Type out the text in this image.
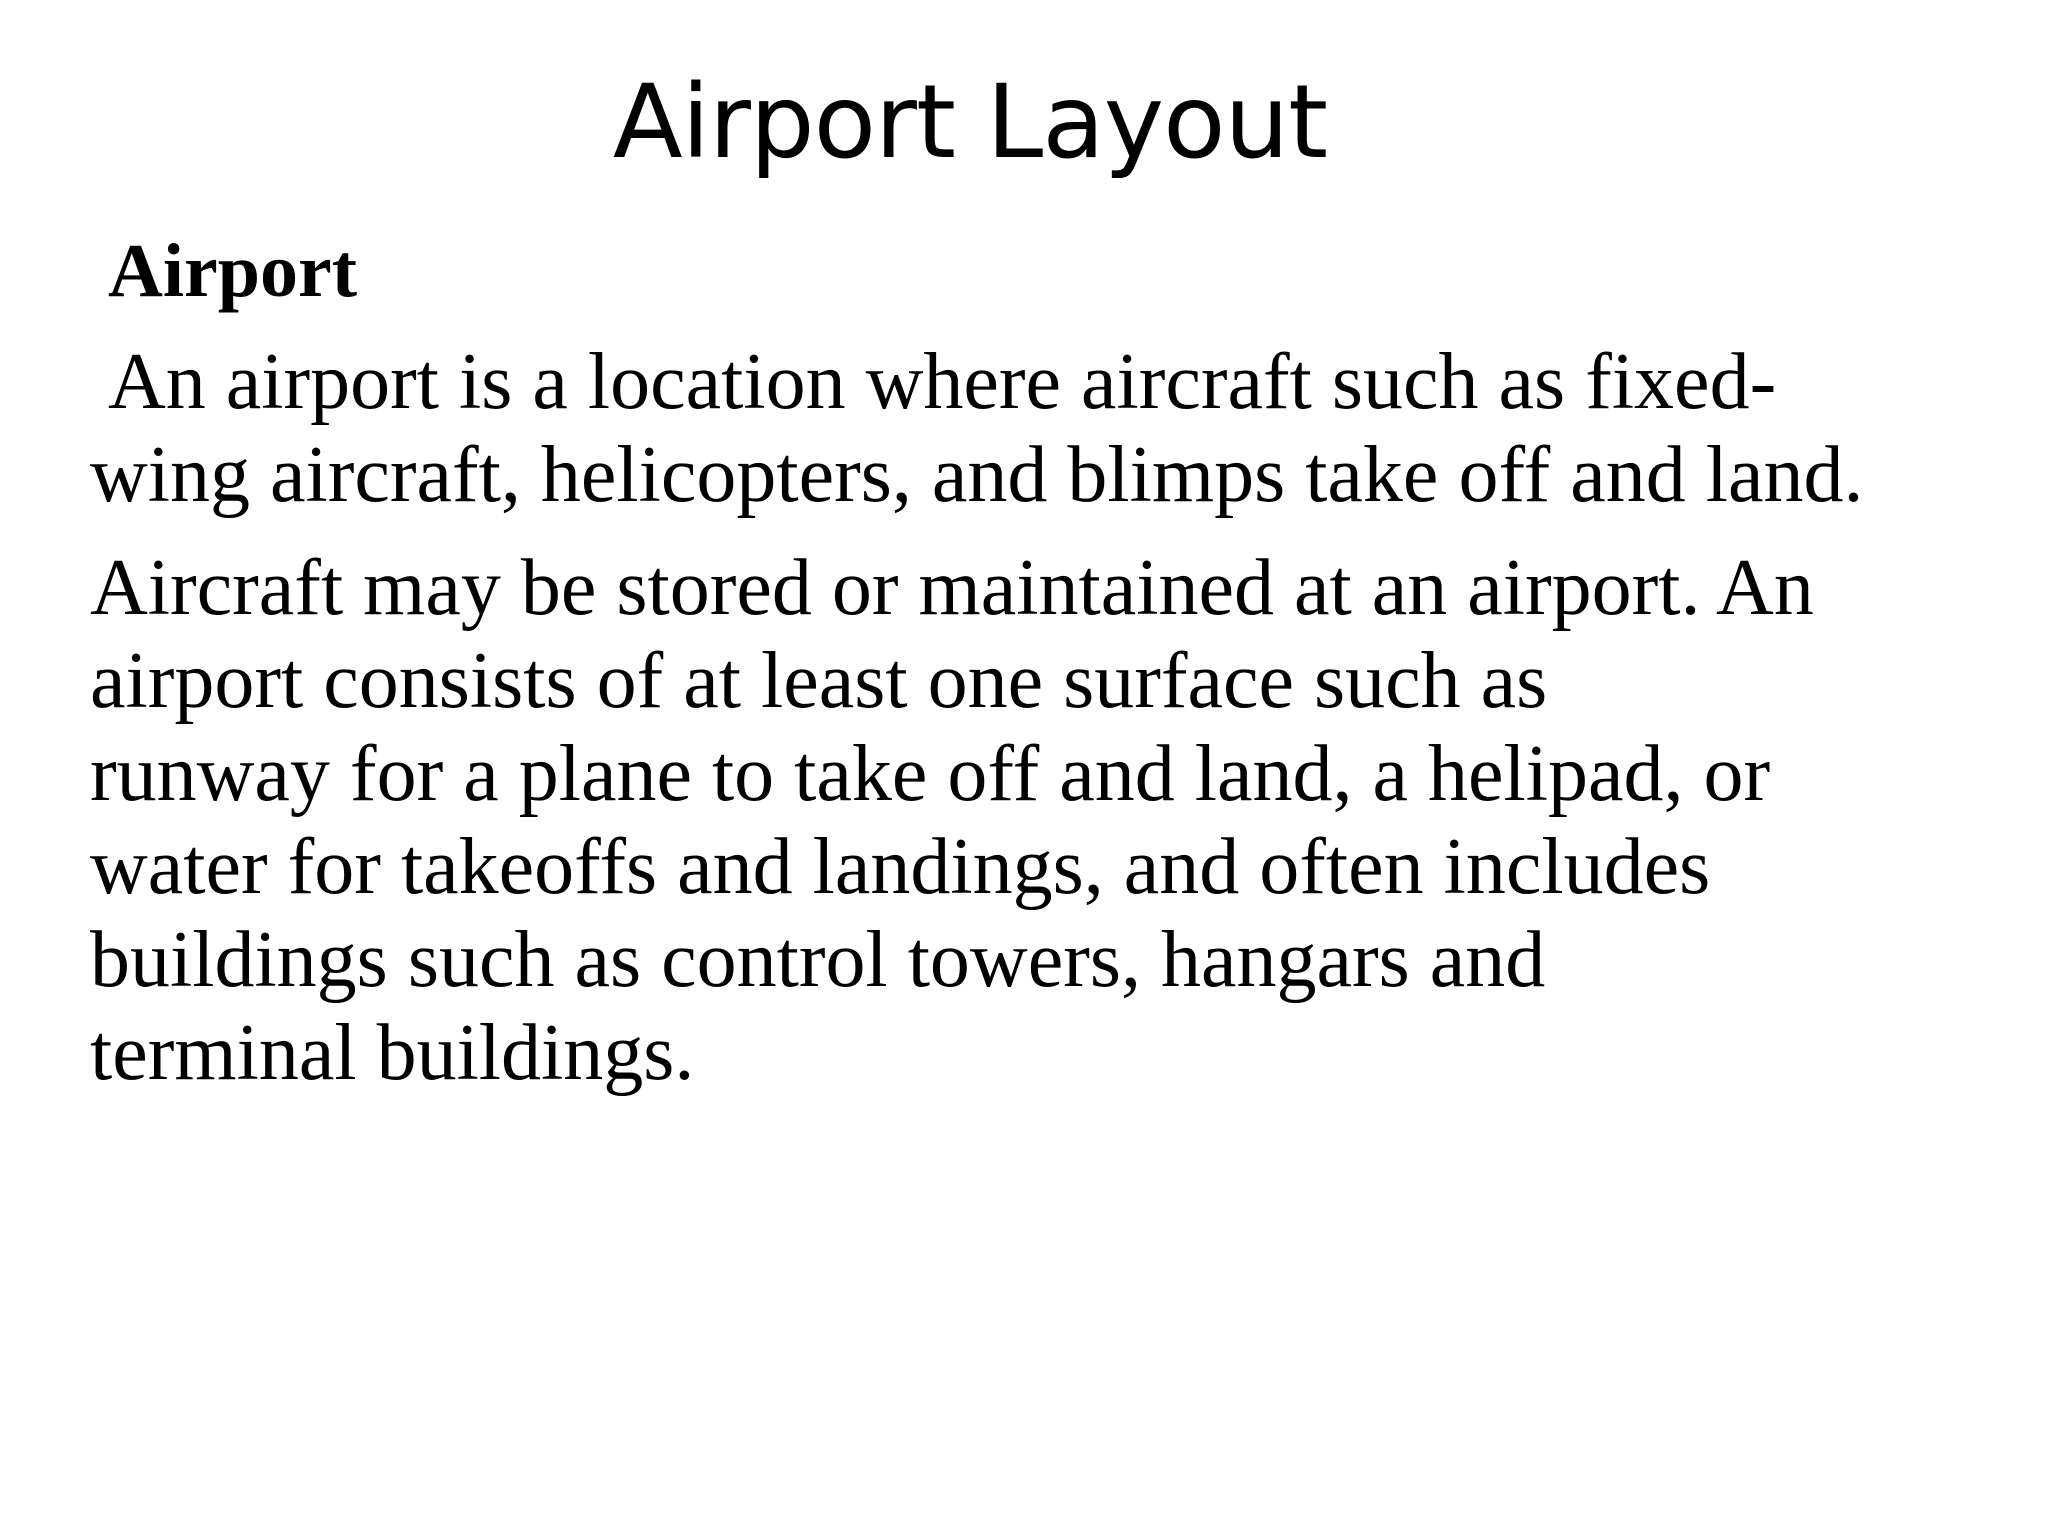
Airport Layout
Airport

An airport is a location where aircraft such as fixed-
wing aircraft, helicopters, and blimps take off and land.

Aircraft may be stored or maintained at an airport. An
airport consists of at least one surface such as
runway for a plane to take off and land, a helipad, or
water for takeoffs and landings, and often includes
buildings such as control towers, hangars and
terminal buildings.
